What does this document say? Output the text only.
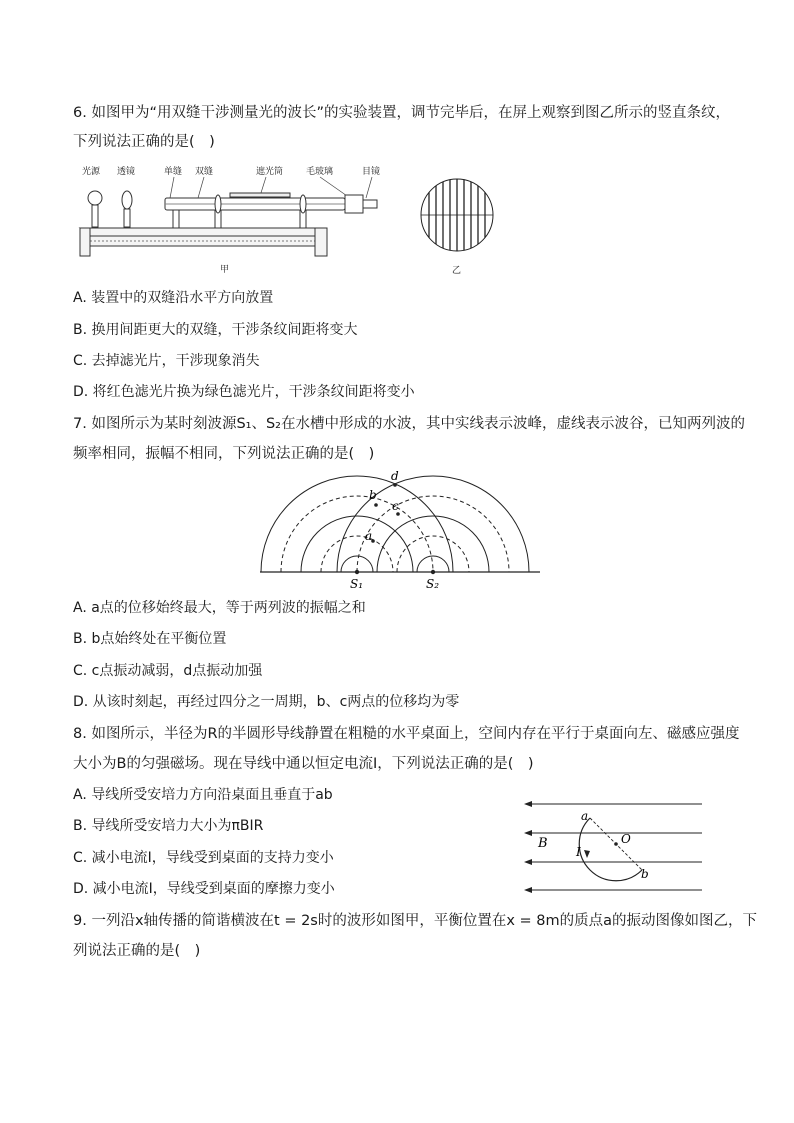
6. 如图甲为“用双缝干涉测量光的波长”的实验装置，调节完毕后，在屏上观察到图乙所示的竖直条纹，
下列说法正确的是(　)
光源 透镜	单缝 双缝	遮光筒	毛玻璃	目镜
甲	乙
A. 装置中的双缝沿水平方向放置
B. 换用间距更大的双缝，干涉条纹间距将变大
C. 去掉滤光片，干涉现象消失
D. 将红色滤光片换为绿色滤光片，干涉条纹间距将变小
7. 如图所示为某时刻波源S₁、S₂在水槽中形成的水波，其中实线表示波峰，虚线表示波谷，已知两列波的
频率相同，振幅不相同，下列说法正确的是(　)
a
b
c
d
S₁	S₂
A. a点的位移始终最大，等于两列波的振幅之和
B. b点始终处在平衡位置
C. c点振动减弱，d点振动加强
D. 从该时刻起，再经过四分之一周期，b、c两点的位移均为零
8. 如图所示，半径为R的半圆形导线静置在粗糙的水平桌面上，空间内存在平行于桌面向左、磁感应强度
大小为B的匀强磁场。现在导线中通以恒定电流I，下列说法正确的是(　)
A. 导线所受安培力方向沿桌面且垂直于ab
B. 导线所受安培力大小为πBIR
C. 减小电流I，导线受到桌面的支持力变小
D. 减小电流I，导线受到桌面的摩擦力变小
a
b
O
B
I
9. 一列沿x轴传播的简谐横波在t = 2s时的波形如图甲，平衡位置在x = 8m的质点a的振动图像如图乙，下
列说法正确的是(　)
